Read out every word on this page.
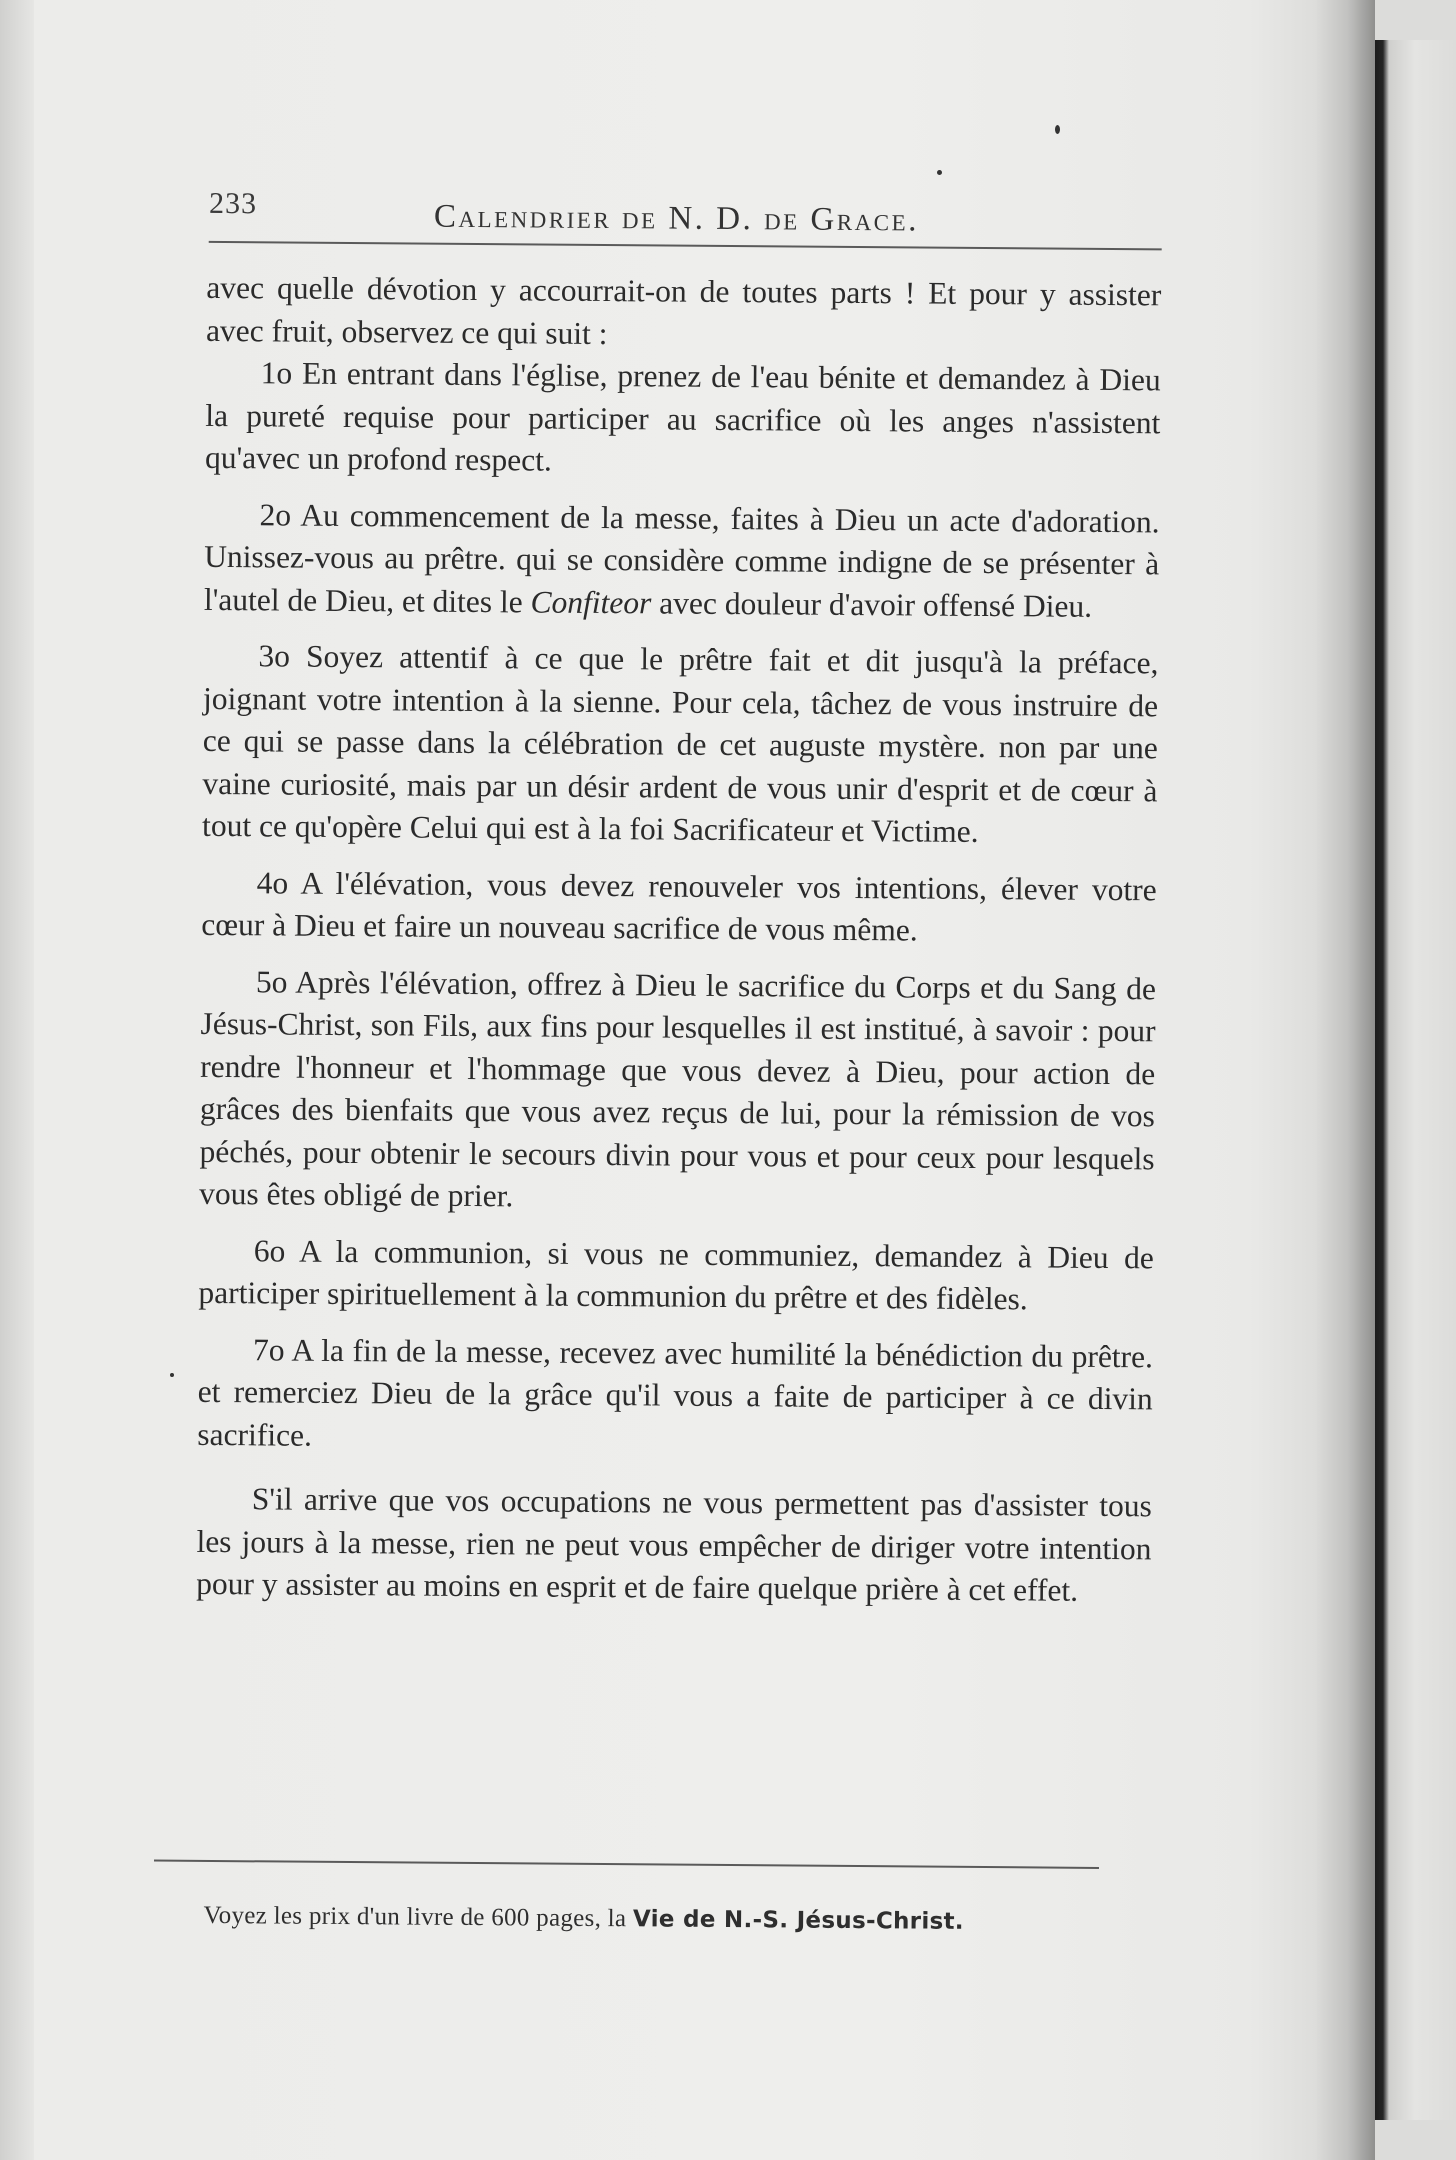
233	Calendrier de N. D. de Grace.

avec quelle dévotion y accourrait-on de toutes parts ! Et pour y assister avec fruit, observez ce qui suit :

1o En entrant dans l'église, prenez de l'eau bénite et demandez à Dieu la pureté requise pour participer au sacrifice où les anges n'assistent qu'avec un profond respect.

2o Au commencement de la messe, faites à Dieu un acte d'adoration. Unissez-vous au prêtre. qui se considère comme indigne de se présenter à l'autel de Dieu, et dites le Confiteor avec douleur d'avoir offensé Dieu.

3o Soyez attentif à ce que le prêtre fait et dit jusqu'à la préface, joignant votre intention à la sienne. Pour cela, tâchez de vous instruire de ce qui se passe dans la célébration de cet auguste mystère. non par une vaine curiosité, mais par un désir ardent de vous unir d'esprit et de cœur à tout ce qu'opère Celui qui est à la foi Sacrificateur et Victime.

4o A l'élévation, vous devez renouveler vos intentions, élever votre cœur à Dieu et faire un nouveau sacrifice de vous même.

5o Après l'élévation, offrez à Dieu le sacrifice du Corps et du Sang de Jésus-Christ, son Fils, aux fins pour lesquelles il est institué, à savoir : pour rendre l'honneur et l'hommage que vous devez à Dieu, pour action de grâces des bienfaits que vous avez reçus de lui, pour la rémission de vos péchés, pour obtenir le secours divin pour vous et pour ceux pour lesquels vous êtes obligé de prier.

6o A la communion, si vous ne communiez, demandez à Dieu de participer spirituellement à la communion du prêtre et des fidèles.

7o A la fin de la messe, recevez avec humilité la bénédiction du prêtre. et remerciez Dieu de la grâce qu'il vous a faite de participer à ce divin sacrifice.

S'il arrive que vos occupations ne vous permettent pas d'assister tous les jours à la messe, rien ne peut vous empêcher de diriger votre intention pour y assister au moins en esprit et de faire quelque prière à cet effet.

Voyez les prix d'un livre de 600 pages, la Vie de N.-S. Jésus-Christ.
